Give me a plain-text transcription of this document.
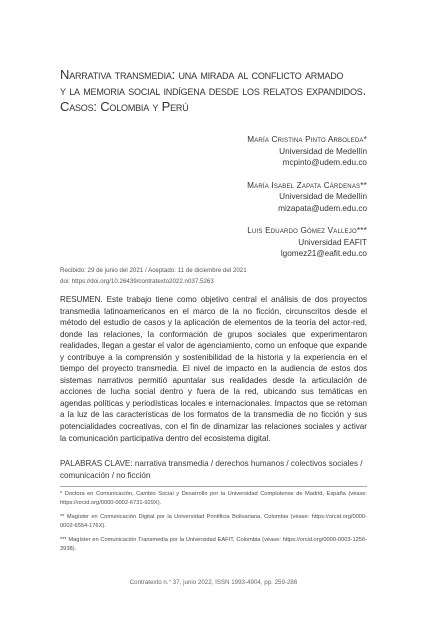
Narrativa transmedia: una mirada al conflicto armado
y la memoria social indígena desde los relatos expandidos.
Casos: Colombia y Perú
María Cristina Pinto Arboleda*
Universidad de Medellín
mcpinto@udem.edu.co
María Isabel Zapata Cárdenas**
Universidad de Medellín
mizapata@udem.edu.co
Luis Eduardo Gómez Vallejo***
Universidad EAFIT
lgomez21@eafit.edu.co
Recibido: 29 de junio del 2021 / Aceptado: 11 de diciembre del 2021
doi: https://doi.org/10.26439/contratexto2022.n037.5263

RESUMEN. Este trabajo tiene como objetivo central el análisis de dos proyectos transmedia latinoamericanos en el marco de la no ficción, circunscritos desde el método del estudio de casos y la aplicación de elementos de la teoría del actor-red, donde las relaciones, la conformación de grupos sociales que experimentaron realidades, llegan a gestar el valor de agenciamiento, como un enfoque que expande y contribuye a la comprensión y sostenibilidad de la historia y la experiencia en el tiempo del proyecto transmedia. El nivel de impacto en la audiencia de estos dos sistemas narrativos permitió apuntalar sus realidades desde la articulación de acciones de lucha social dentro y fuera de la red, ubicando sus temáticas en agendas políticas y periodísticas locales e internacionales. Impactos que se retoman a la luz de las características de los formatos de la transmedia de no ficción y sus potencialidades cocreativas, con el fin de dinamizar las relaciones sociales y activar la comunicación participativa dentro del ecosistema digital.

PALABRAS CLAVE: narrativa transmedia / derechos humanos / colectivos sociales / comunicación / no ficción

* Doctora en Comunicación, Cambio Social y Desarrollo por la Universidad Complutense de Madrid, España (véase: https://orcid.org/0000-0002-6731-929X).

** Magíster en Comunicación Digital por la Universidad Pontificia Bolivariana, Colombia (véase: https://orcid.org/0000-0002-6554-176X).

*** Magíster en Comunicación Transmedia por la Universidad EAFIT, Colombia (véase: https://orcid.org/0000-0003-1256-3938).

Contratexto n.° 37, junio 2022, ISSN 1993-4904, pp. 259-286
